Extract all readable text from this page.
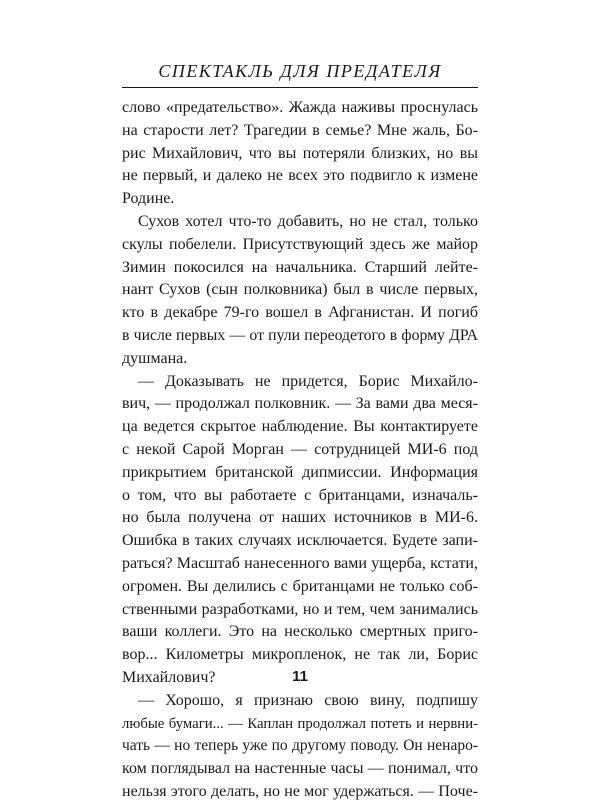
СПЕКТАКЛЬ ДЛЯ ПРЕДАТЕЛЯ
слово «предательство». Жажда наживы проснулась
на старости лет? Трагедии в семье? Мне жаль, Бо-
рис Михайлович, что вы потеряли близких, но вы
не первый, и далеко не всех это подвигло к измене
Родине.
Сухов хотел что-то добавить, но не стал, только
скулы побелели. Присутствующий здесь же майор
Зимин покосился на начальника. Старший лейте-
нант Сухов (сын полковника) был в числе первых,
кто в декабре 79-го вошел в Афганистан. И погиб
в числе первых — от пули переодетого в форму ДРА
душмана.
— Доказывать не придется, Борис Михайлo-
вич, — продолжал полковник. — За вами два меся-
ца ведется скрытое наблюдение. Вы контактируете
с некой Сарой Морган — сотрудницей МИ-6 под
прикрытием британской дипмиссии. Информация
о том, что вы работаете с британцами, изначаль-
но была получена от наших источников в МИ-6.
Ошибка в таких случаях исключается. Будете запи-
раться? Масштаб нанесенного вами ущерба, кстати,
огромен. Вы делились с британцами не только соб-
ственными разработками, но и тем, чем занимались
ваши коллеги. Это на несколько смертных приго-
вор... Километры микропленок, не так ли, Борис
Михайлович?
— Хорошо, я признаю свою вину, подпишу
любые бумаги... — Каплан продолжал потеть и нервни-
чать — но теперь уже по другому поводу. Он ненаро-
ком поглядывал на настенные часы — понимал, что
нельзя этого делать, но не мог удержаться. — Поче-
11
